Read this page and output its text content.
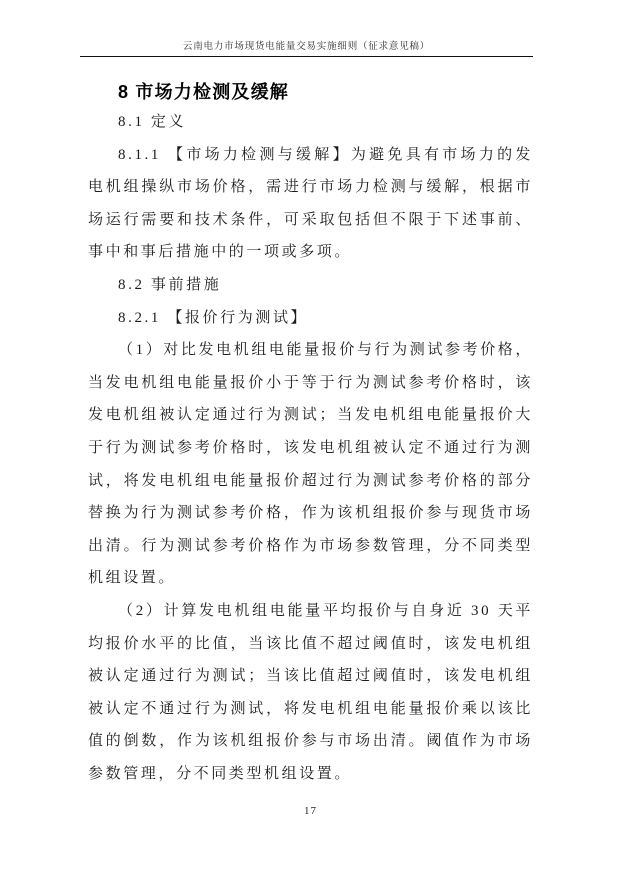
云南电力市场现货电能量交易实施细则（征求意见稿）
8 市场力检测及缓解

8.1 定义

8.1.1 【市场力检测与缓解】为避免具有市场力的发电机组操纵市场价格，需进行市场力检测与缓解，根据市场运行需要和技术条件，可采取包括但不限于下述事前、事中和事后措施中的一项或多项。

8.2 事前措施

8.2.1 【报价行为测试】

（1）对比发电机组电能量报价与行为测试参考价格，当发电机组电能量报价小于等于行为测试参考价格时，该发电机组被认定通过行为测试；当发电机组电能量报价大于行为测试参考价格时，该发电机组被认定不通过行为测试，将发电机组电能量报价超过行为测试参考价格的部分替换为行为测试参考价格，作为该机组报价参与现货市场出清。行为测试参考价格作为市场参数管理，分不同类型机组设置。

（2）计算发电机组电能量平均报价与自身近 30 天平均报价水平的比值，当该比值不超过阈值时，该发电机组被认定通过行为测试；当该比值超过阈值时，该发电机组被认定不通过行为测试，将发电机组电能量报价乘以该比值的倒数，作为该机组报价参与市场出清。阈值作为市场参数管理，分不同类型机组设置。

17
